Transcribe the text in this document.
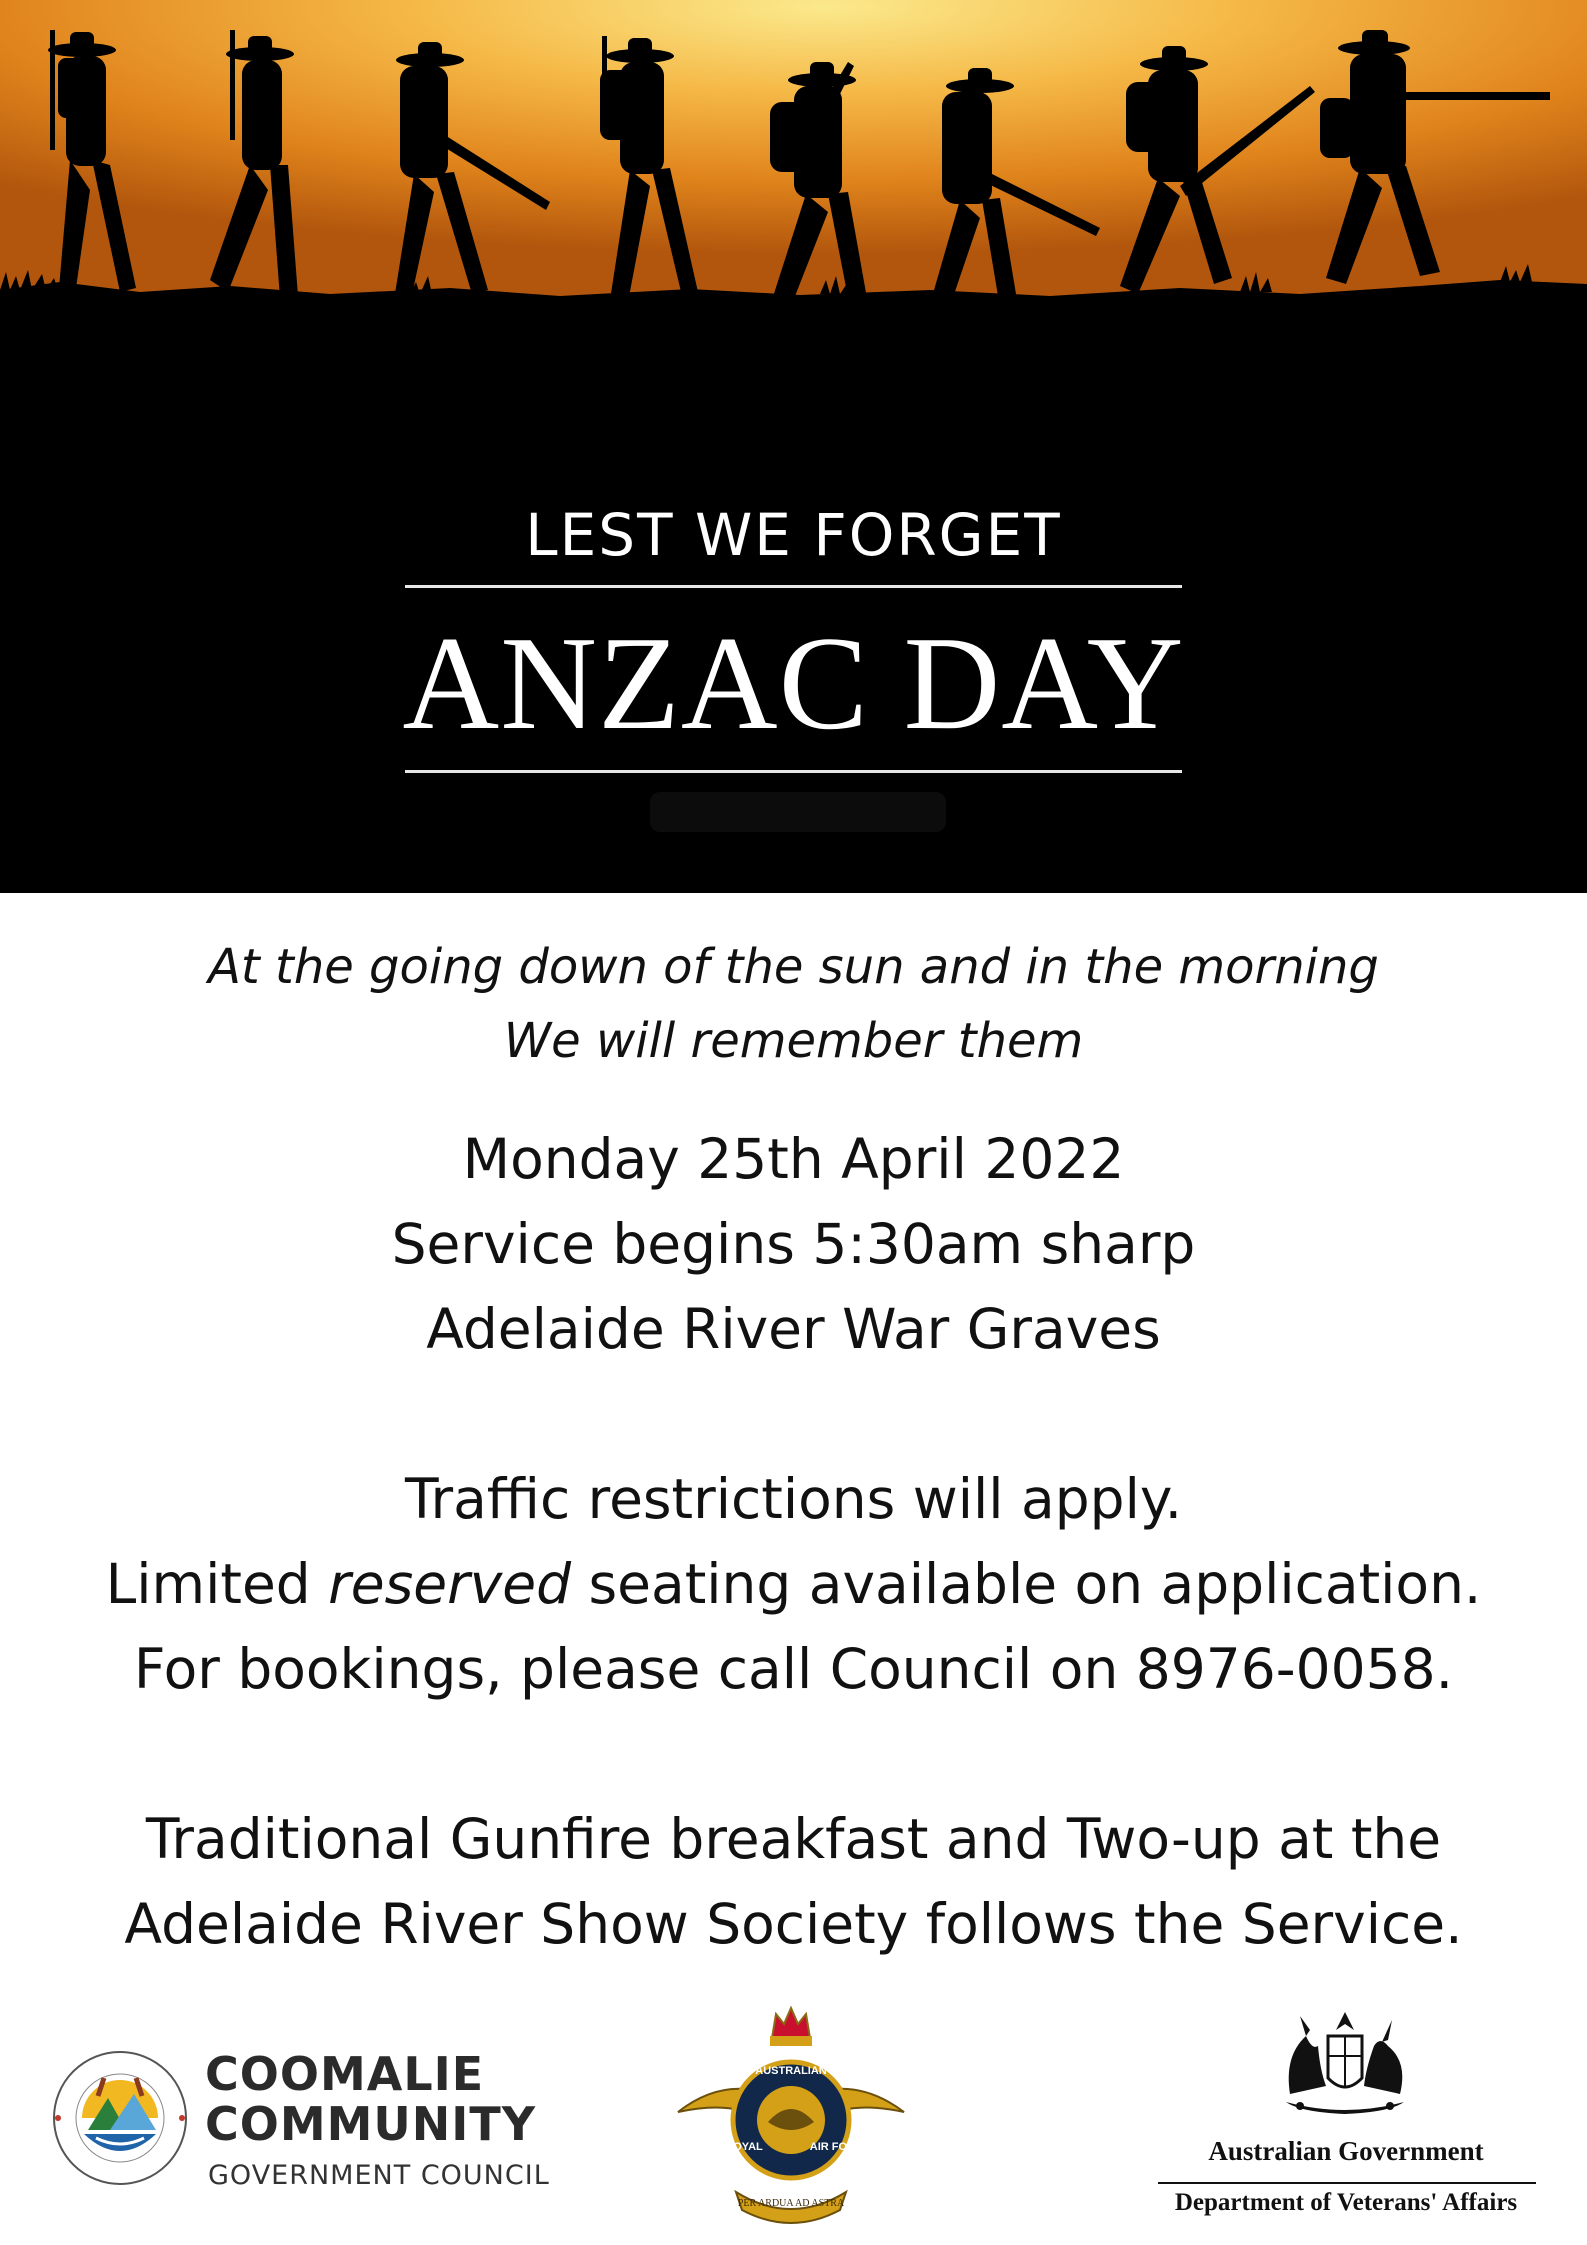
LEST WE FORGET
ANZAC DAY
At the going down of the sun and in the morning
We will remember them
Monday 25th April 2022
Service begins 5:30am sharp
Adelaide River War Graves
Traffic restrictions will apply.
Limited reserved seating available on application.
For bookings, please call Council on 8976-0058.
Traditional Gunfire breakfast and Two-up at the
Adelaide River Show Society follows the Service.
COOMALIE
COMMUNITY
GOVERNMENT COUNCIL
AUSTRALIAN
AIR FORCE
ROYAL
PER ARDUA AD ASTRA
Australian Government
Department of Veterans' Affairs
